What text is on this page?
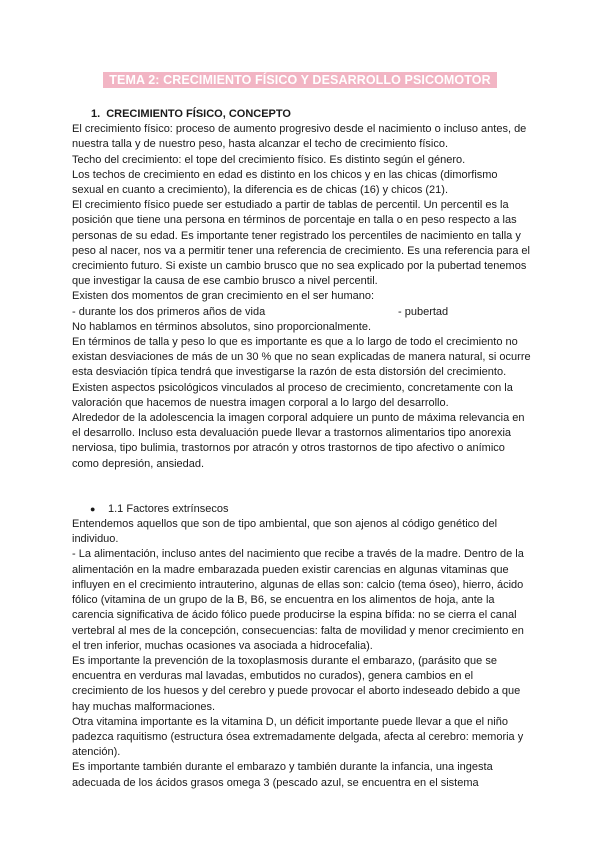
TEMA 2: CRECIMIENTO FÍSICO Y DESARROLLO PSICOMOTOR

1. CRECIMIENTO FÍSICO, CONCEPTO

El crecimiento físico: proceso de aumento progresivo desde el nacimiento o incluso antes, de nuestra talla y de nuestro peso, hasta alcanzar el techo de crecimiento físico.

Techo del crecimiento: el tope del crecimiento físico. Es distinto según el género.

Los techos de crecimiento en edad es distinto en los chicos y en las chicas (dimorfismo sexual en cuanto a crecimiento), la diferencia es de chicas (16) y chicos (21).

El crecimiento físico puede ser estudiado a partir de tablas de percentil. Un percentil es la posición que tiene una persona en términos de porcentaje en talla o en peso respecto a las personas de su edad. Es importante tener registrado los percentiles de nacimiento en talla y peso al nacer, nos va a permitir tener una referencia de crecimiento. Es una referencia para el crecimiento futuro. Si existe un cambio brusco que no sea explicado por la pubertad tenemos que investigar la causa de ese cambio brusco a nivel percentil.

Existen dos momentos de gran crecimiento en el ser humano:

- durante los dos primeros años de vida	- pubertad

No hablamos en términos absolutos, sino proporcionalmente.

En términos de talla y peso lo que es importante es que a lo largo de todo el crecimiento no existan desviaciones de más de un 30 % que no sean explicadas de manera natural, si ocurre esta desviación típica tendrá que investigarse la razón de esta distorsión del crecimiento.

Existen aspectos psicológicos vinculados al proceso de crecimiento, concretamente con la valoración que hacemos de nuestra imagen corporal a lo largo del desarrollo.

Alrededor de la adolescencia la imagen corporal adquiere un punto de máxima relevancia en el desarrollo. Incluso esta devaluación puede llevar a trastornos alimentarios tipo anorexia nerviosa, tipo bulimia, trastornos por atracón y otros trastornos de tipo afectivo o anímico como depresión, ansiedad.

● 1.1 Factores extrínsecos

Entendemos aquellos que son de tipo ambiental, que son ajenos al código genético del individuo.

- La alimentación, incluso antes del nacimiento que recibe a través de la madre. Dentro de la alimentación en la madre embarazada pueden existir carencias en algunas vitaminas que influyen en el crecimiento intrauterino, algunas de ellas son: calcio (tema óseo), hierro, ácido fólico (vitamina de un grupo de la B, B6, se encuentra en los alimentos de hoja, ante la carencia significativa de ácido fólico puede producirse la espina bífida: no se cierra el canal vertebral al mes de la concepción, consecuencias: falta de movilidad y menor crecimiento en el tren inferior, muchas ocasiones va asociada a hidrocefalia).

Es importante la prevención de la toxoplasmosis durante el embarazo, (parásito que se encuentra en verduras mal lavadas, embutidos no curados), genera cambios en el crecimiento de los huesos y del cerebro y puede provocar el aborto indeseado debido a que hay muchas malformaciones.

Otra vitamina importante es la vitamina D, un déficit importante puede llevar a que el niño padezca raquitismo (estructura ósea extremadamente delgada, afecta al cerebro: memoria y atención).

Es importante también durante el embarazo y también durante la infancia, una ingesta adecuada de los ácidos grasos omega 3 (pescado azul, se encuentra en el sistema
